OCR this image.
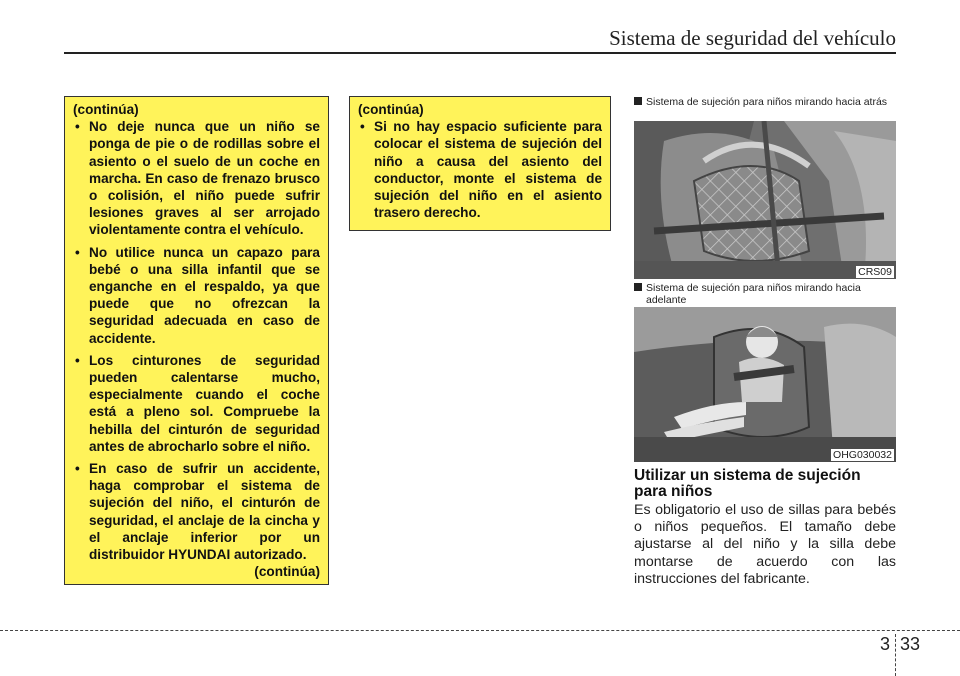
Sistema de seguridad del vehículo
(continúa)
• No deje nunca que un niño se ponga de pie o de rodillas sobre el asiento o el suelo de un coche en marcha. En caso de frenazo brusco o colisión, el niño puede sufrir lesiones graves al ser arrojado violentamente contra el vehículo.
• No utilice nunca un capazo para bebé o una silla infantil que se enganche en el respaldo, ya que puede que no ofrezcan la seguridad adecuada en caso de accidente.
• Los cinturones de seguridad pueden calentarse mucho, especialmente cuando el coche está a pleno sol. Compruebe la hebilla del cinturón de seguridad antes de abrocharlo sobre el niño.
• En caso de sufrir un accidente, haga comprobar el sistema de sujeción del niño, el cinturón de seguridad, el anclaje de la cincha y el anclaje inferior por un distribuidor HYUNDAI autorizado.
(continúa)
(continúa)
• Si no hay espacio suficiente para colocar el sistema de sujeción del niño a causa del asiento del conductor, monte el sistema de sujeción del niño en el asiento trasero derecho.
Sistema de sujeción para niños mirando hacia atrás
CRS09
Sistema de sujeción para niños mirando hacia adelante
OHG030032
Utilizar un sistema de sujeción para niños
Es obligatorio el uso de sillas para bebés o niños pequeños. El tamaño debe ajustarse al del niño y la silla debe montarse de acuerdo con las instrucciones del fabricante.
3 33
